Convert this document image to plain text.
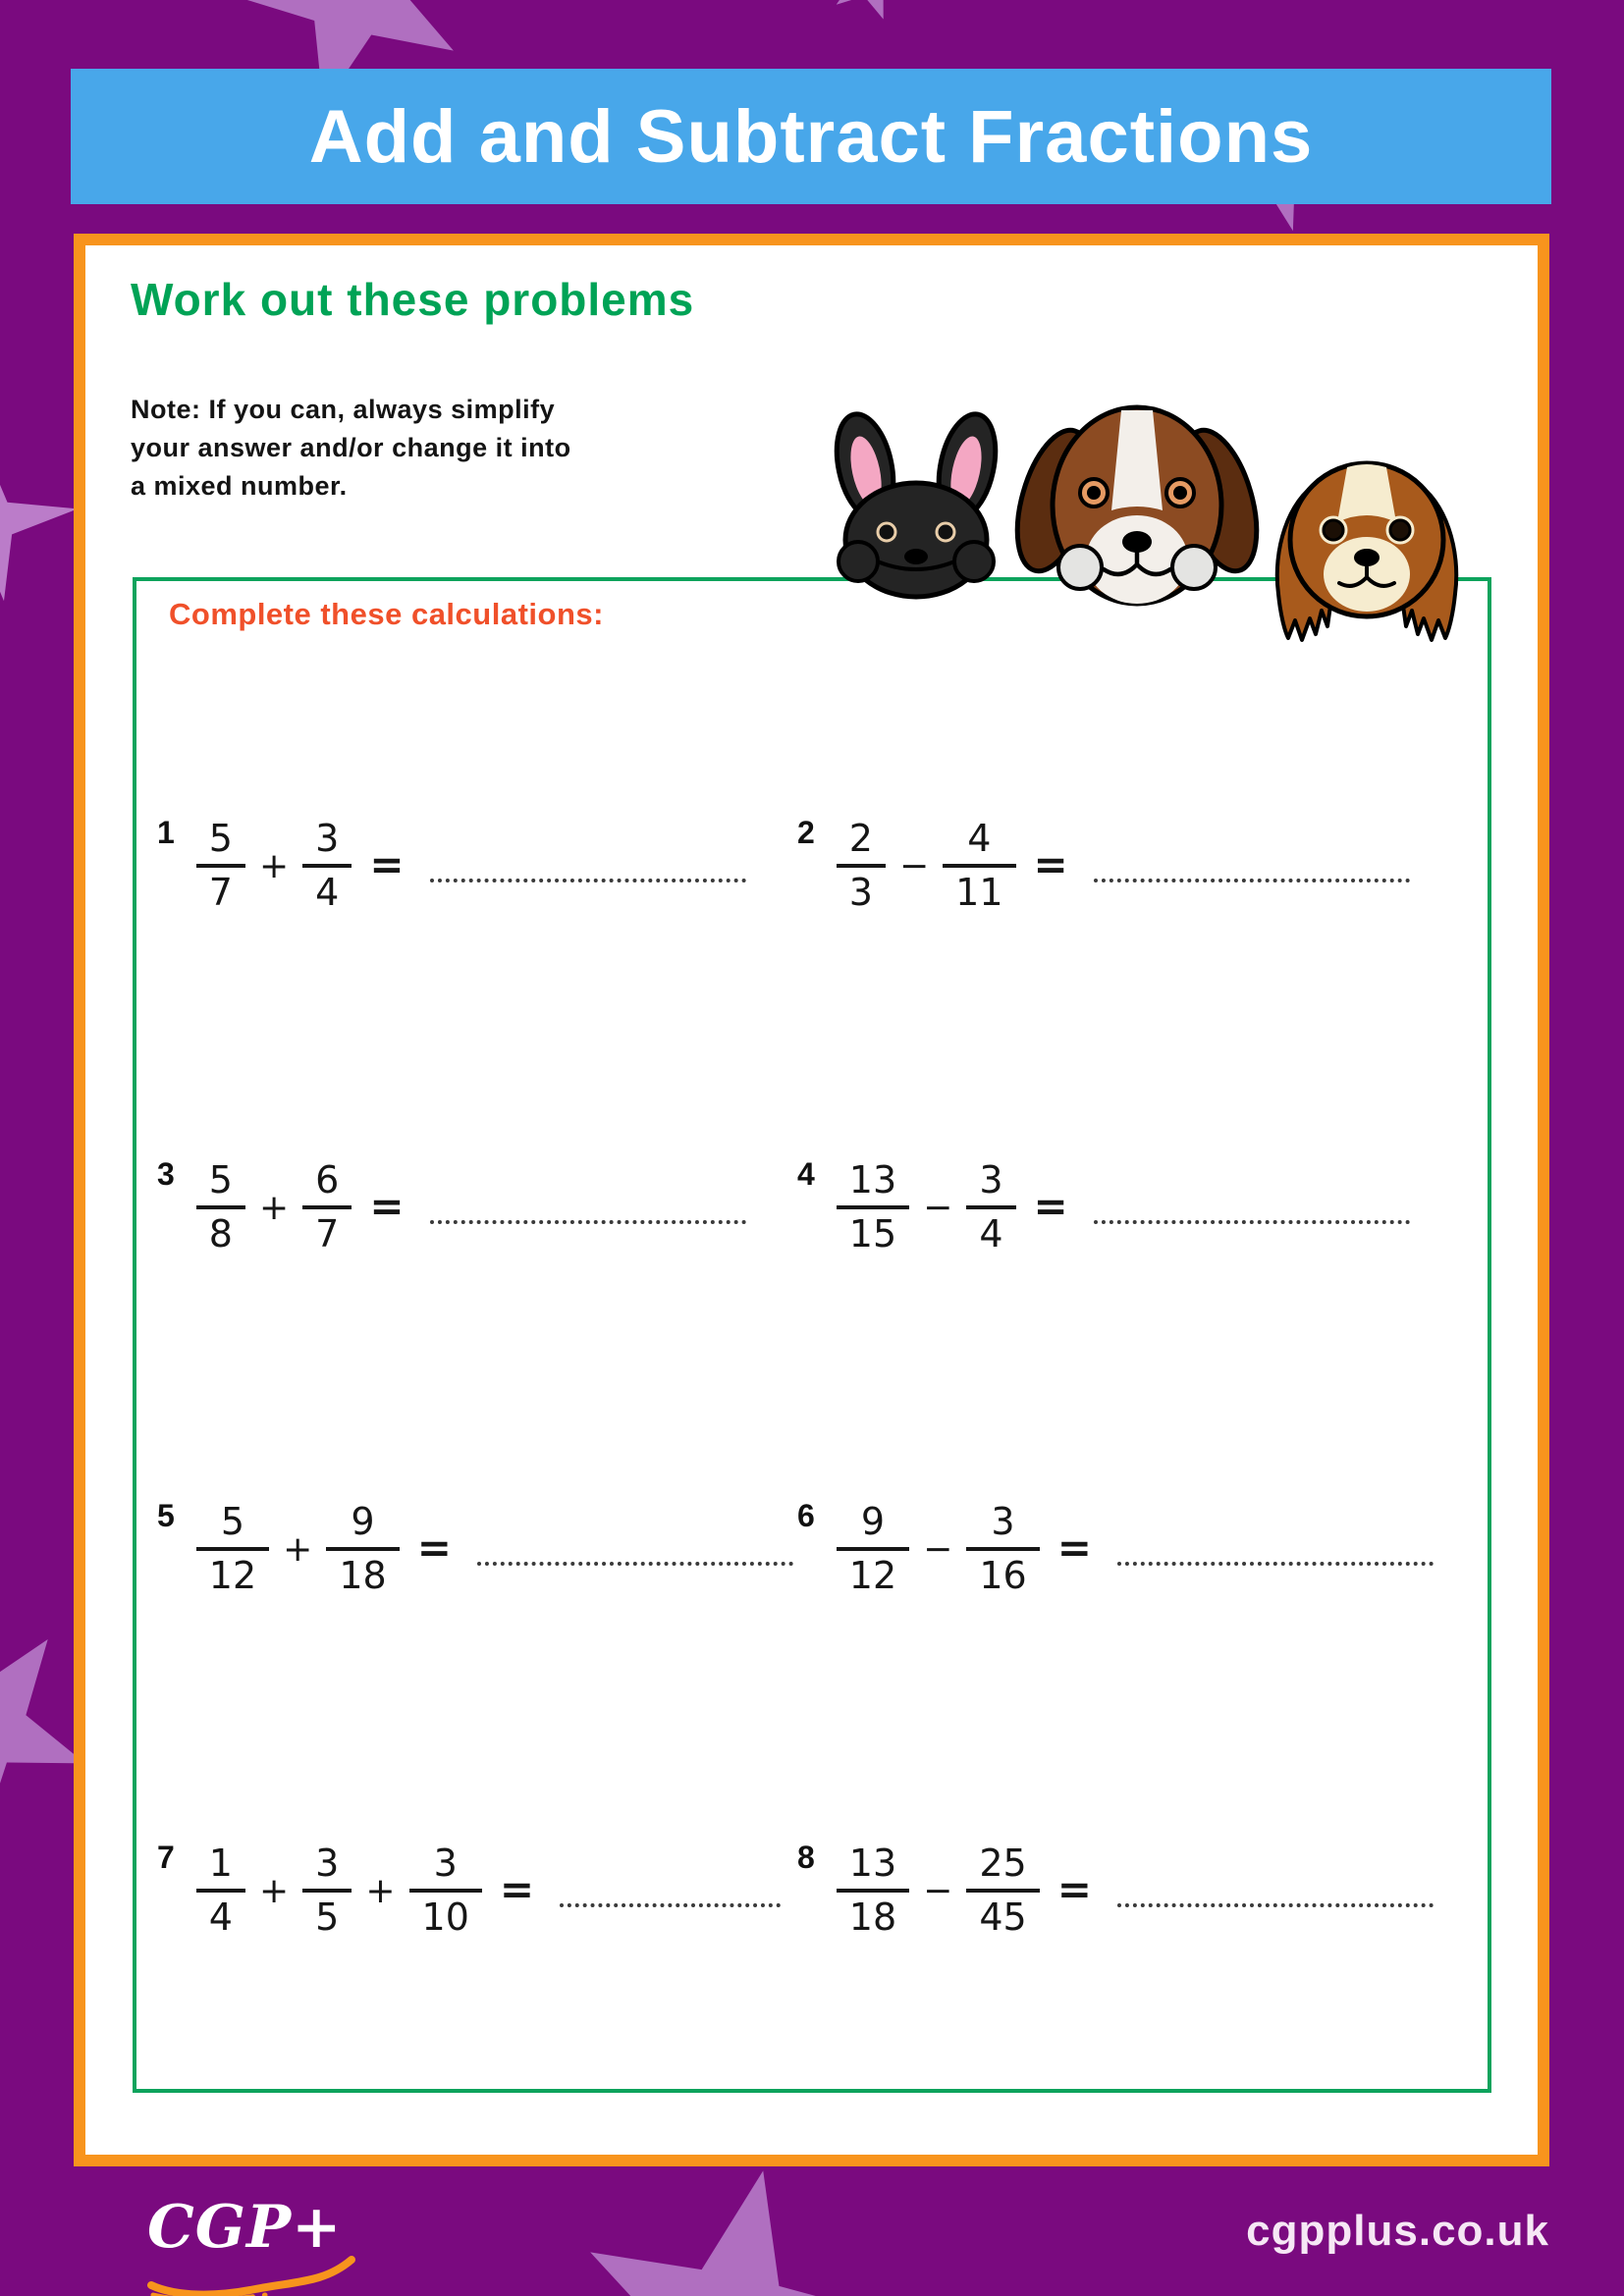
Add and Subtract Fractions
Work out these problems
Note: If you can, always simplify
your answer and/or change it into
a mixed number.
Complete these calculations:
$1 \frac{5}{7} + \frac{3}{4}$ =
$2 \frac{2}{3} - \frac{4}{11}$ =
$3 \frac{5}{8} + \frac{6}{7}$ =
$4 \frac{13}{15} - \frac{3}{4}$ =
$5 \frac{5}{12} + \frac{9}{18}$ =
$6 \frac{9}{12} - \frac{3}{16}$ =
$7 \frac{1}{4} + \frac{3}{5} + \frac{3}{10}$ =
$8 \frac{13}{18} - \frac{25}{45}$ =
CGP+	cgpplus.co.uk
